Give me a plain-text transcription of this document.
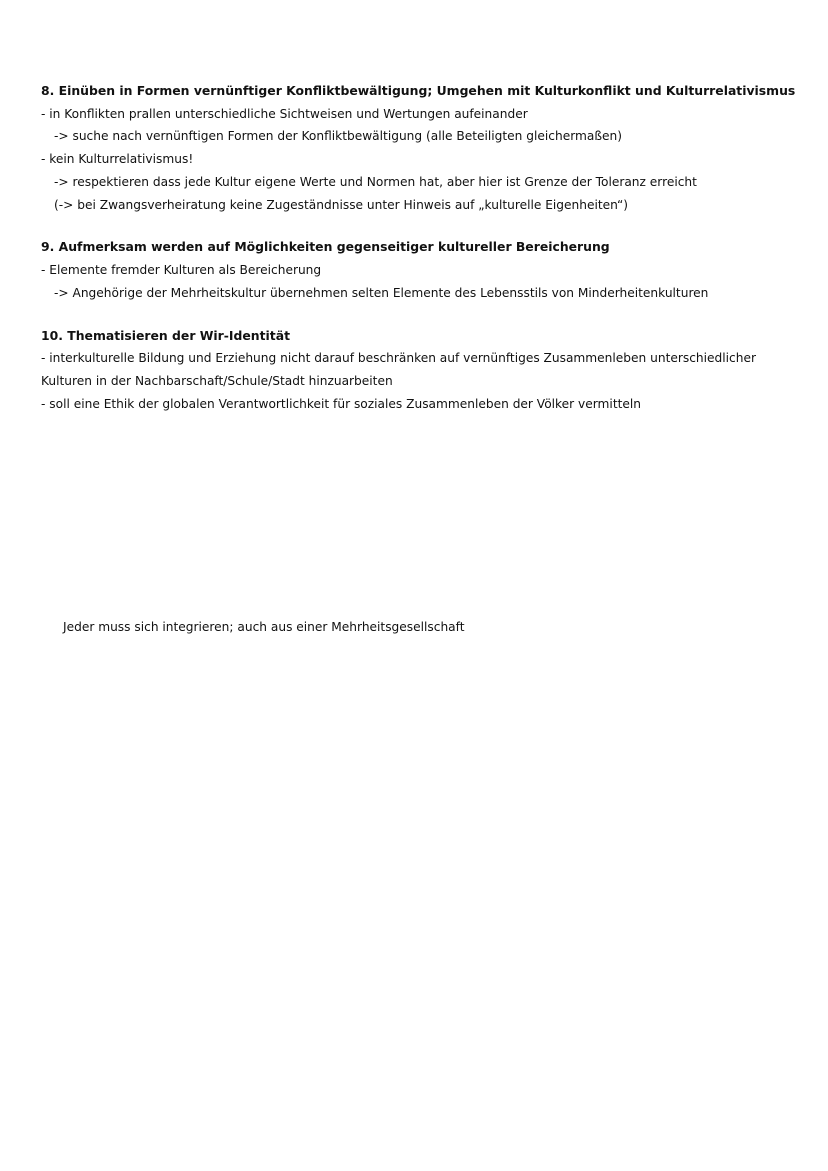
8. Einüben in Formen vernünftiger Konfliktbewältigung; Umgehen mit Kulturkonflikt und Kulturrelativismus

- in Konflikten prallen unterschiedliche Sichtweisen und Wertungen aufeinander

-> suche nach vernünftigen Formen der Konfliktbewältigung (alle Beteiligten gleichermaßen)

- kein Kulturrelativismus!

-> respektieren dass jede Kultur eigene Werte und Normen hat, aber hier ist Grenze der Toleranz erreicht

(-> bei Zwangsverheiratung keine Zugeständnisse unter Hinweis auf „kulturelle Eigenheiten“)

9. Aufmerksam werden auf Möglichkeiten gegenseitiger kultureller Bereicherung

- Elemente fremder Kulturen als Bereicherung

-> Angehörige der Mehrheitskultur übernehmen selten Elemente des Lebensstils von Minderheitenkulturen

10. Thematisieren der Wir-Identität

- interkulturelle Bildung und Erziehung nicht darauf beschränken auf vernünftiges Zusammenleben unterschiedlicher Kulturen in der Nachbarschaft/Schule/Stadt hinzuarbeiten

- soll eine Ethik der globalen Verantwortlichkeit für soziales Zusammenleben der Völker vermitteln

Jeder muss sich integrieren; auch aus einer Mehrheitsgesellschaft
